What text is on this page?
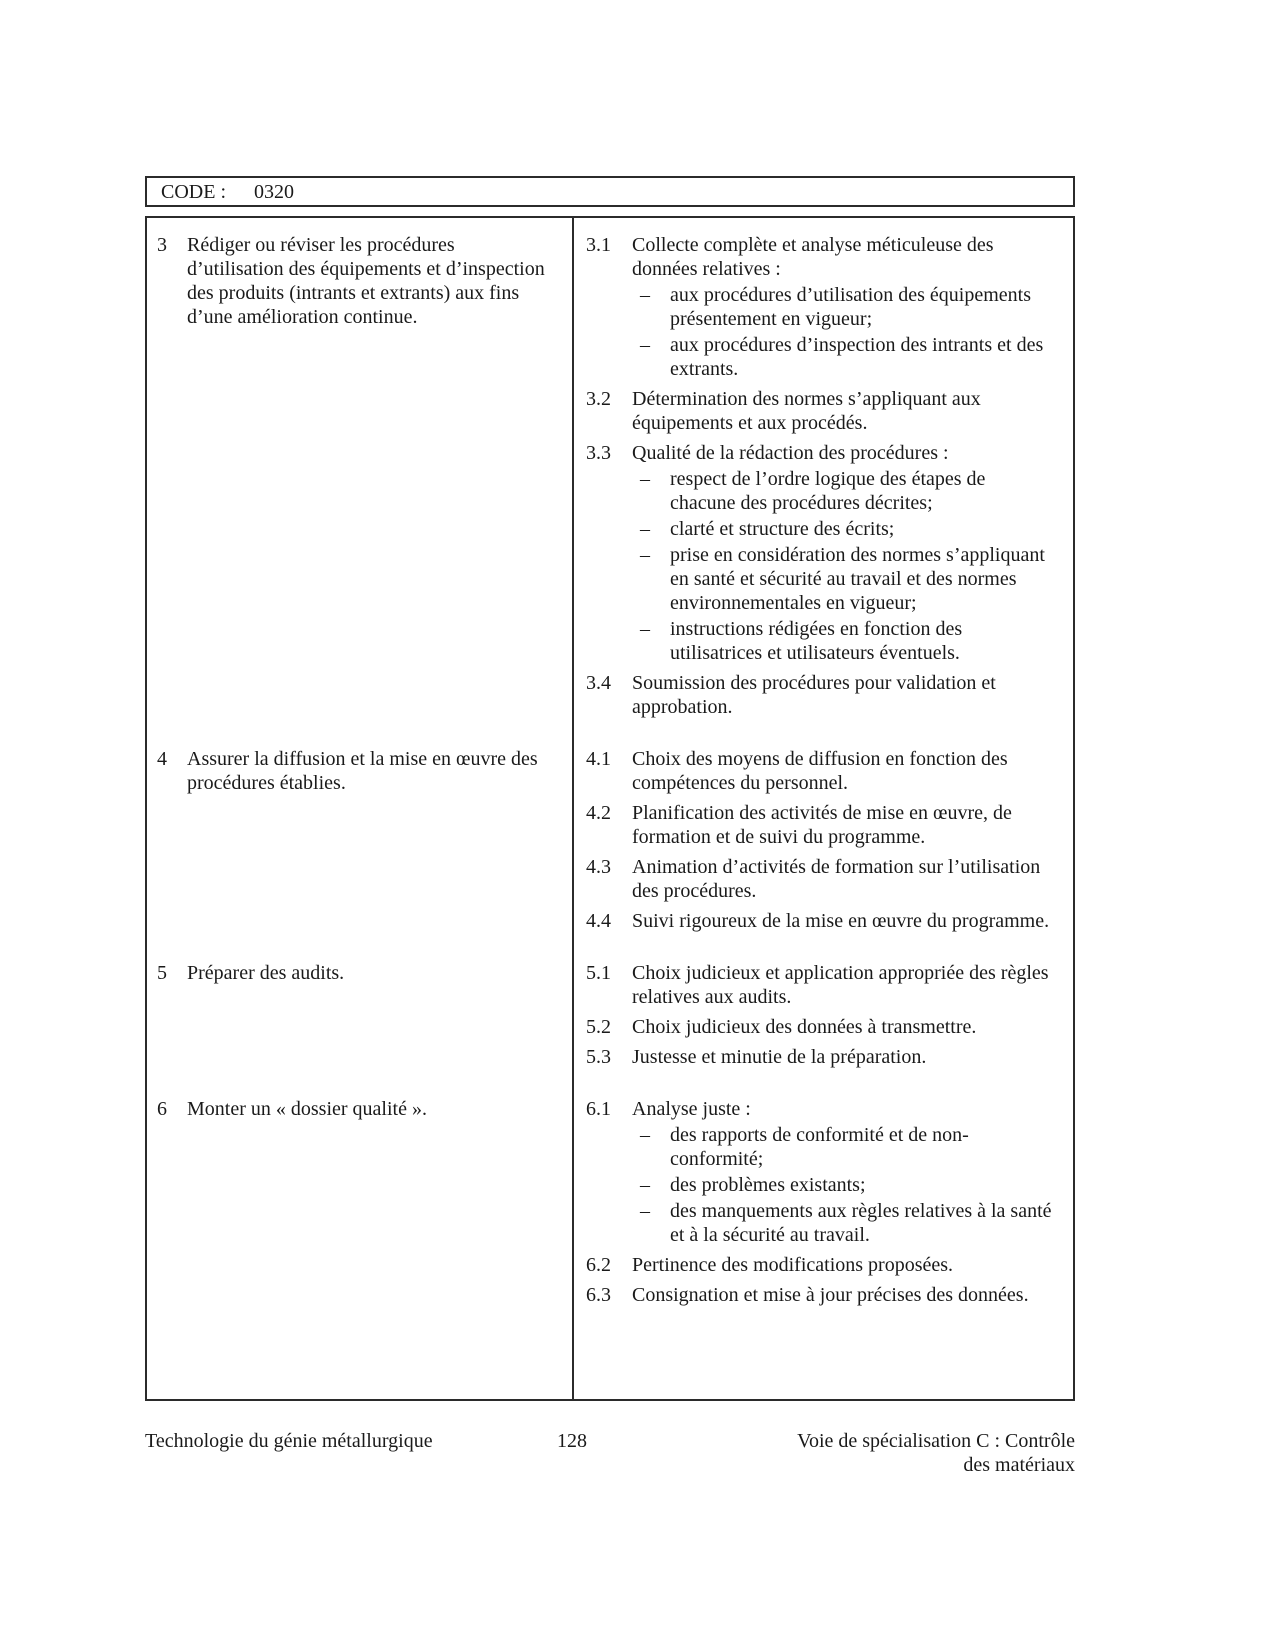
CODE : 0320
3	Rédiger ou réviser les procédures d’utilisation des équipements et d’inspection des produits (intrants et extrants) aux fins d’une amélioration continue.
3.1	Collecte complète et analyse méticuleuse des données relatives :
–	aux procédures d’utilisation des équipements présentement en vigueur;
–	aux procédures d’inspection des intrants et des extrants.
3.2	Détermination des normes s’appliquant aux équipements et aux procédés.
3.3	Qualité de la rédaction des procédures :
–	respect de l’ordre logique des étapes de chacune des procédures décrites;
–	clarté et structure des écrits;
–	prise en considération des normes s’appliquant en santé et sécurité au travail et des normes environnementales en vigueur;
–	instructions rédigées en fonction des utilisatrices et utilisateurs éventuels.
3.4	Soumission des procédures pour validation et approbation.
4	Assurer la diffusion et la mise en œuvre des procédures établies.
4.1	Choix des moyens de diffusion en fonction des compétences du personnel.
4.2	Planification des activités de mise en œuvre, de formation et de suivi du programme.
4.3	Animation d’activités de formation sur l’utilisation des procédures.
4.4	Suivi rigoureux de la mise en œuvre du programme.
5	Préparer des audits.	5.1	Choix judicieux et application appropriée des règles relatives aux audits.
5.2	Choix judicieux des données à transmettre.
5.3	Justesse et minutie de la préparation.
6	Monter un « dossier qualité ».	6.1	Analyse juste :
–	des rapports de conformité et de non-conformité;
–	des problèmes existants;
–	des manquements aux règles relatives à la santé et à la sécurité au travail.
6.2	Pertinence des modifications proposées.
6.3	Consignation et mise à jour précises des données.
Technologie du génie métallurgique	128	Voie de spécialisation C : Contrôle
des matériaux
